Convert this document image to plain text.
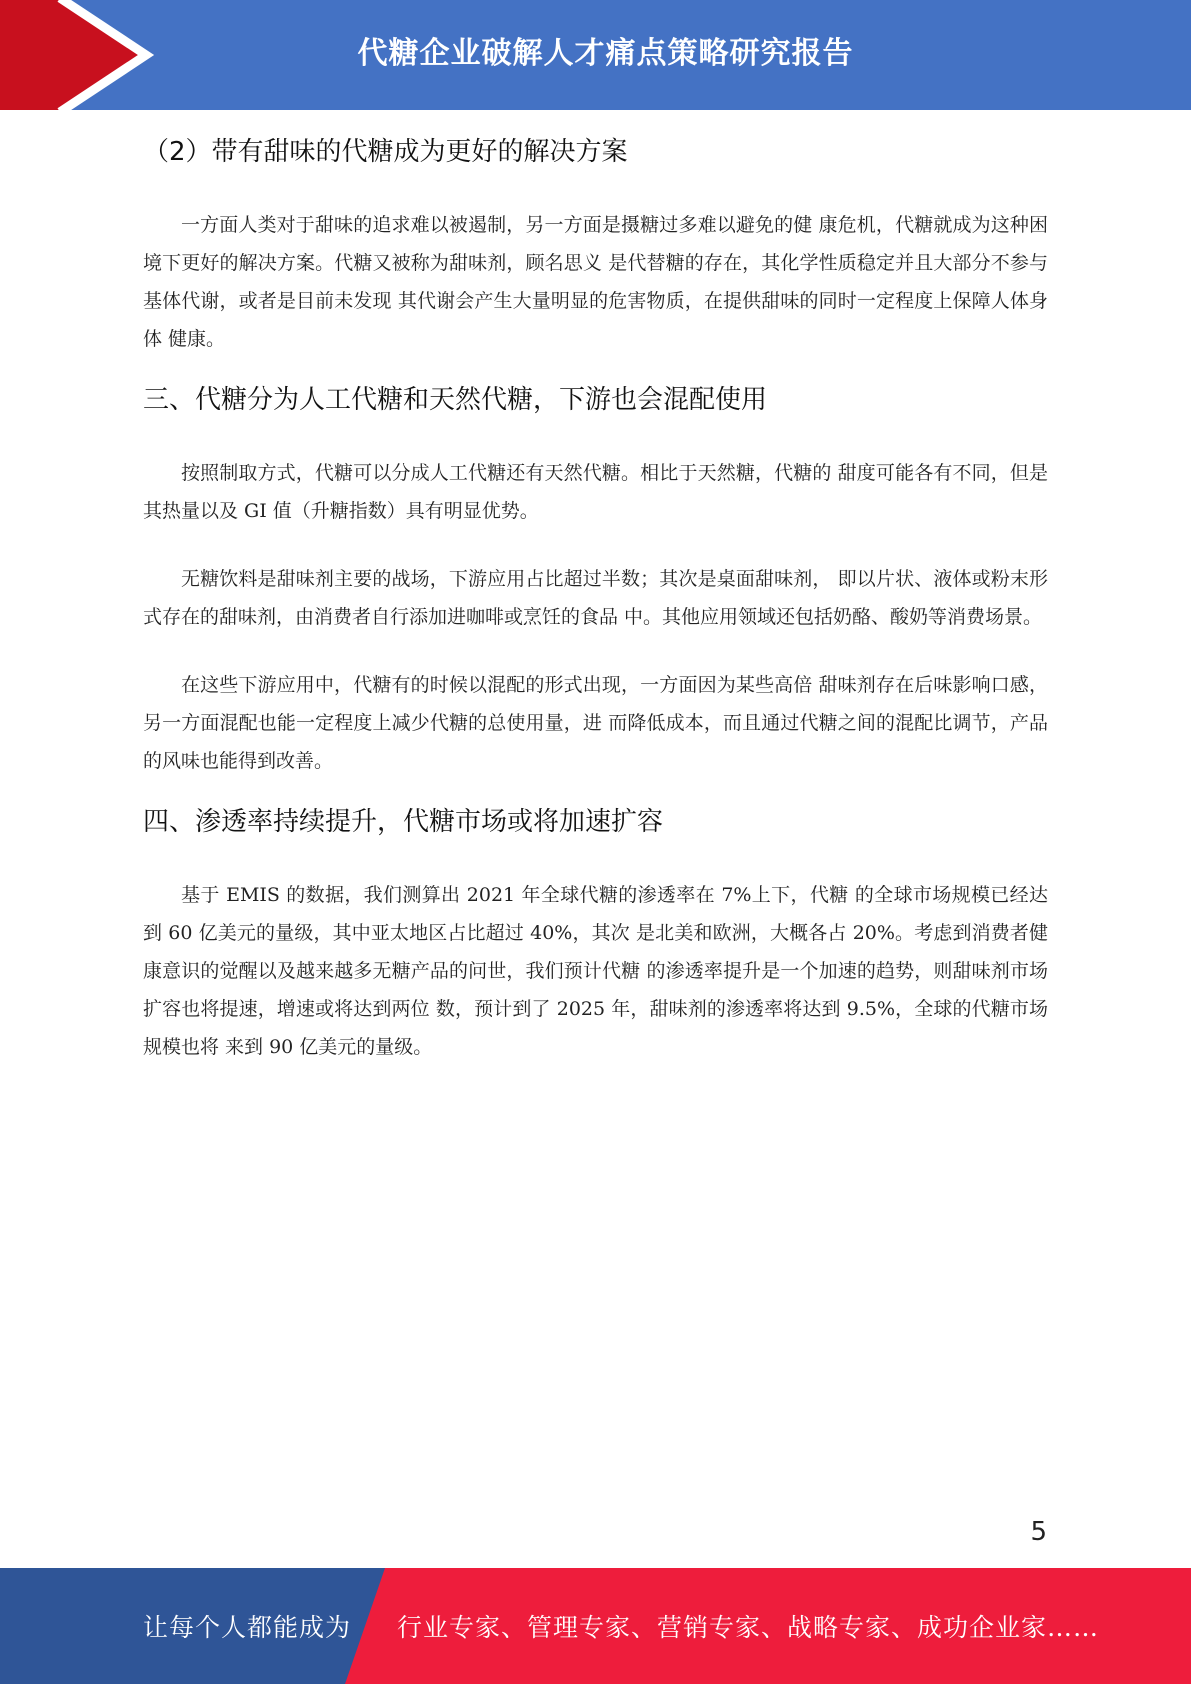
代糖企业破解人才痛点策略研究报告
（2）带有甜味的代糖成为更好的解决方案

一方面人类对于甜味的追求难以被遏制，另一方面是摄糖过多难以避免的健 康危机，代糖就成为这种困境下更好的解决方案。代糖又被称为甜味剂，顾名思义 是代替糖的存在，其化学性质稳定并且大部分不参与基体代谢，或者是目前未发现 其代谢会产生大量明显的危害物质，在提供甜味的同时一定程度上保障人体身体 健康。

三、代糖分为人工代糖和天然代糖，下游也会混配使用

按照制取方式，代糖可以分成人工代糖还有天然代糖。相比于天然糖，代糖的 甜度可能各有不同，但是其热量以及 GI 值（升糖指数）具有明显优势。

无糖饮料是甜味剂主要的战场，下游应用占比超过半数；其次是桌面甜味剂， 即以片状、液体或粉末形式存在的甜味剂，由消费者自行添加进咖啡或烹饪的食品 中。其他应用领域还包括奶酪、酸奶等消费场景。

在这些下游应用中，代糖有的时候以混配的形式出现，一方面因为某些高倍 甜味剂存在后味影响口感，另一方面混配也能一定程度上减少代糖的总使用量，进 而降低成本，而且通过代糖之间的混配比调节，产品的风味也能得到改善。

四、渗透率持续提升，代糖市场或将加速扩容

基于 EMIS 的数据，我们测算出 2021 年全球代糖的渗透率在 7%上下，代糖 的全球市场规模已经达到 60 亿美元的量级，其中亚太地区占比超过 40%，其次 是北美和欧洲，大概各占 20%。考虑到消费者健康意识的觉醒以及越来越多无糖产品的问世，我们预计代糖 的渗透率提升是一个加速的趋势，则甜味剂市场扩容也将提速，增速或将达到两位 数，预计到了 2025 年，甜味剂的渗透率将达到 9.5%，全球的代糖市场规模也将 来到 90 亿美元的量级。

5
让每个人都能成为 行业专家、管理专家、营销专家、战略专家、成功企业家……
